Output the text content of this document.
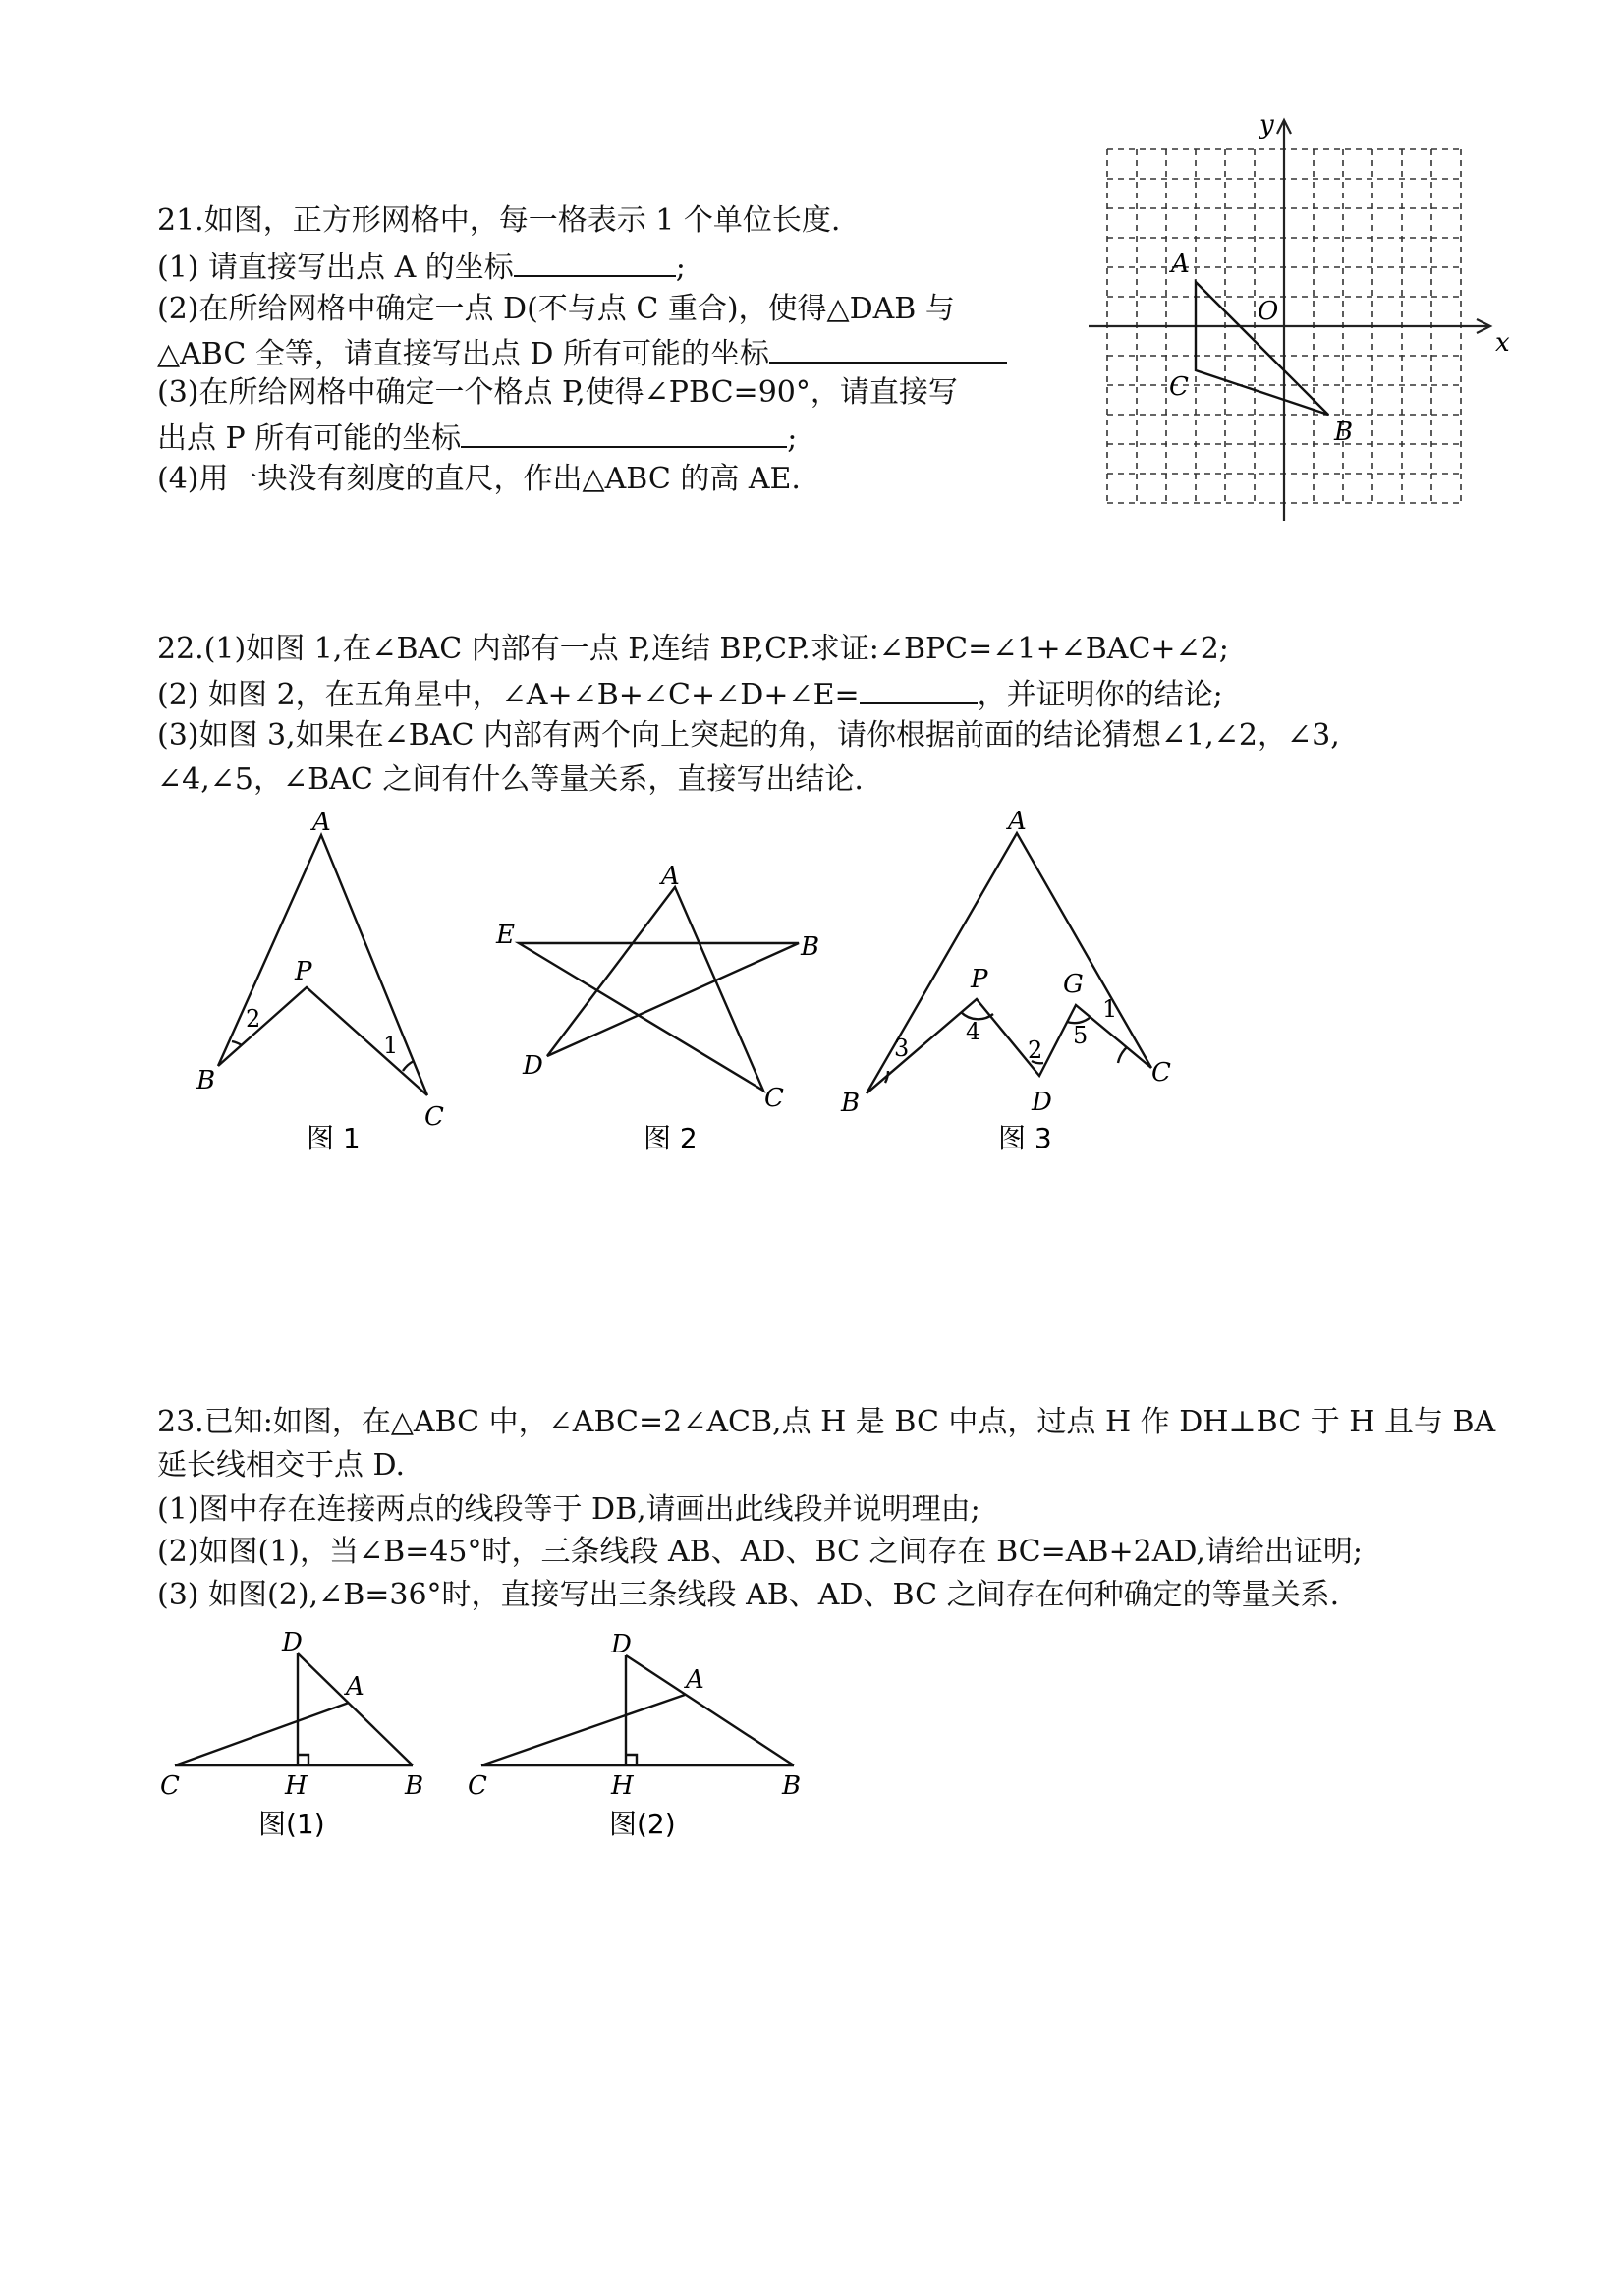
21.如图，正方形网格中，每一格表示 1 个单位长度.
(1) 请直接写出点 A 的坐标	;
(2)在所给网格中确定一点 D(不与点 C 重合)，使得△DAB 与
△ABC 全等，请直接写出点 D 所有可能的坐标
(3)在所给网格中确定一个格点 P,使得∠PBC=90°，请直接写
出点 P 所有可能的坐标	;
(4)用一块没有刻度的直尺，作出△ABC 的高 AE.
x
y
O
A
C
B
22.(1)如图 1,在∠BAC 内部有一点 P,连结 BP,CP.求证:∠BPC=∠1+∠BAC+∠2;
(2) 如图 2，在五角星中，∠A+∠B+∠C+∠D+∠E=	，并证明你的结论;
(3)如图 3,如果在∠BAC 内部有两个向上突起的角，请你根据前面的结论猜想∠1,∠2，∠3,
∠4,∠5，∠BAC 之间有什么等量关系，直接写出结论.
A
P
B
C
2
1
图 1
A
E	B
D
C
图 2
A
P	G
B	D
C
3
4
2
5
1
图 3
23.已知:如图，在△ABC 中，∠ABC=2∠ACB,点 H 是 BC 中点，过点 H 作 DH⊥BC 于 H 且与 BA
延长线相交于点 D.
(1)图中存在连接两点的线段等于 DB,请画出此线段并说明理由;
(2)如图(1)，当∠B=45°时，三条线段 AB、AD、BC 之间存在 BC=AB+2AD,请给出证明;
(3) 如图(2),∠B=36°时，直接写出三条线段 AB、AD、BC 之间存在何种确定的等量关系.
D
A
C	H	B
图(1)
D
A
C	H	B
图(2)
